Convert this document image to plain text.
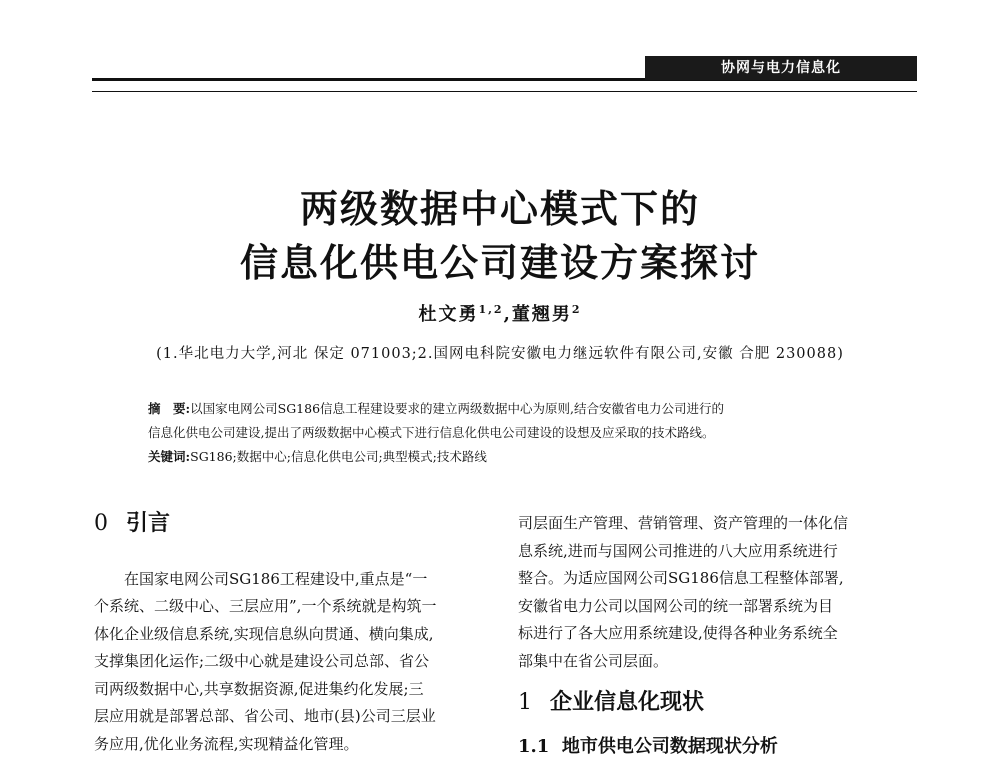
协网与电力信息化
两级数据中心模式下的
信息化供电公司建设方案探讨
杜文勇$^{1,2}$,董翘男$^2$
(1.华北电力大学,河北 保定 071003;2.国网电科院安徽电力继远软件有限公司,安徽 合肥 230088)
摘　要:以国家电网公司SG186信息工程建设要求的建立两级数据中心为原则,结合安徽省电力公司进行的
信息化供电公司建设,提出了两级数据中心模式下进行信息化供电公司建设的设想及应采取的技术路线。
关键词:SG186;数据中心;信息化供电公司;典型模式;技术路线

0 引言

在国家电网公司SG186工程建设中,重点是“一

个系统、二级中心、三层应用”,一个系统就是构筑一

体化企业级信息系统,实现信息纵向贯通、横向集成,

支撑集团化运作;二级中心就是建设公司总部、省公

司两级数据中心,共享数据资源,促进集约化发展;三

层应用就是部署总部、省公司、地市(县)公司三层业

务应用,优化业务流程,实现精益化管理。

司层面生产管理、营销管理、资产管理的一体化信

息系统,进而与国网公司推进的八大应用系统进行

整合。为适应国网公司SG186信息工程整体部署,

安徽省电力公司以国网公司的统一部署系统为目

标进行了各大应用系统建设,使得各种业务系统全

部集中在省公司层面。

1 企业信息化现状

1.1 地市供电公司数据现状分析
